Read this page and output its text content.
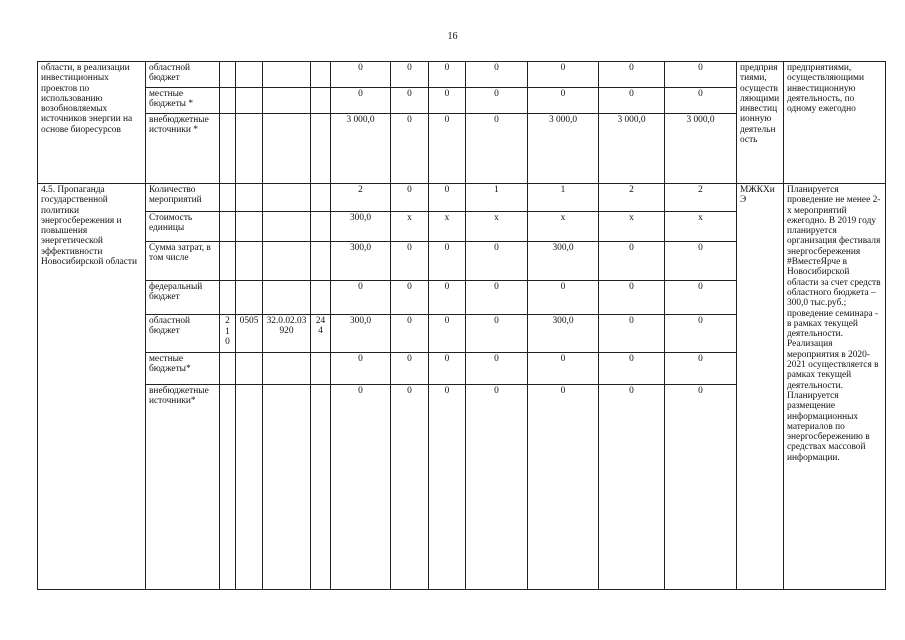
16
области, в реализации инвестиционных проектов по использованию возобновляемых источников энергии на основе биоресурсов	областной бюджет					0	0	0	0	0	0	0	предприятиями, осуществляющими инвестиционную деятельность	предприятиями, осуществляющими инвестиционную деятельность, по одному ежегодно
	местные бюджеты *					0	0	0	0	0	0	0		
	внебюджетные источники *					3 000,0	0	0	0	3 000,0	3 000,0	3 000,0		
4.5. Пропаганда государственной политики энергосбережения и повышения энергетической эффективности Новосибирской области	Количество мероприятий					2	0	0	1	1	2	2	МЖКХиЭ	Планируется проведение не менее 2-х мероприятий ежегодно. В 2019 году планируется организация фестиваля энергосбережения #ВместеЯрче в Новосибирской области за счет средств областного бюджета – 300,0 тыс.руб.; проведение семинара - в рамках текущей деятельности. Реализация мероприятия в 2020-2021 осуществляется в рамках текущей деятельности. Планируется размещение информационных материалов по энергосбережению в средствах массовой информации.
	Стоимость единицы					300,0	x	x	x	x	x	x		
	Сумма затрат, в том числе					300,0	0	0	0	300,0	0	0		
	федеральный бюджет					0	0	0	0	0	0	0		
	областной бюджет	2 1 0	0505	32.0.02.03920	244	300,0	0	0	0	300,0	0	0		
	местные бюджеты*					0	0	0	0	0	0	0		
	внебюджетные источники*					0	0	0	0	0	0	0		
